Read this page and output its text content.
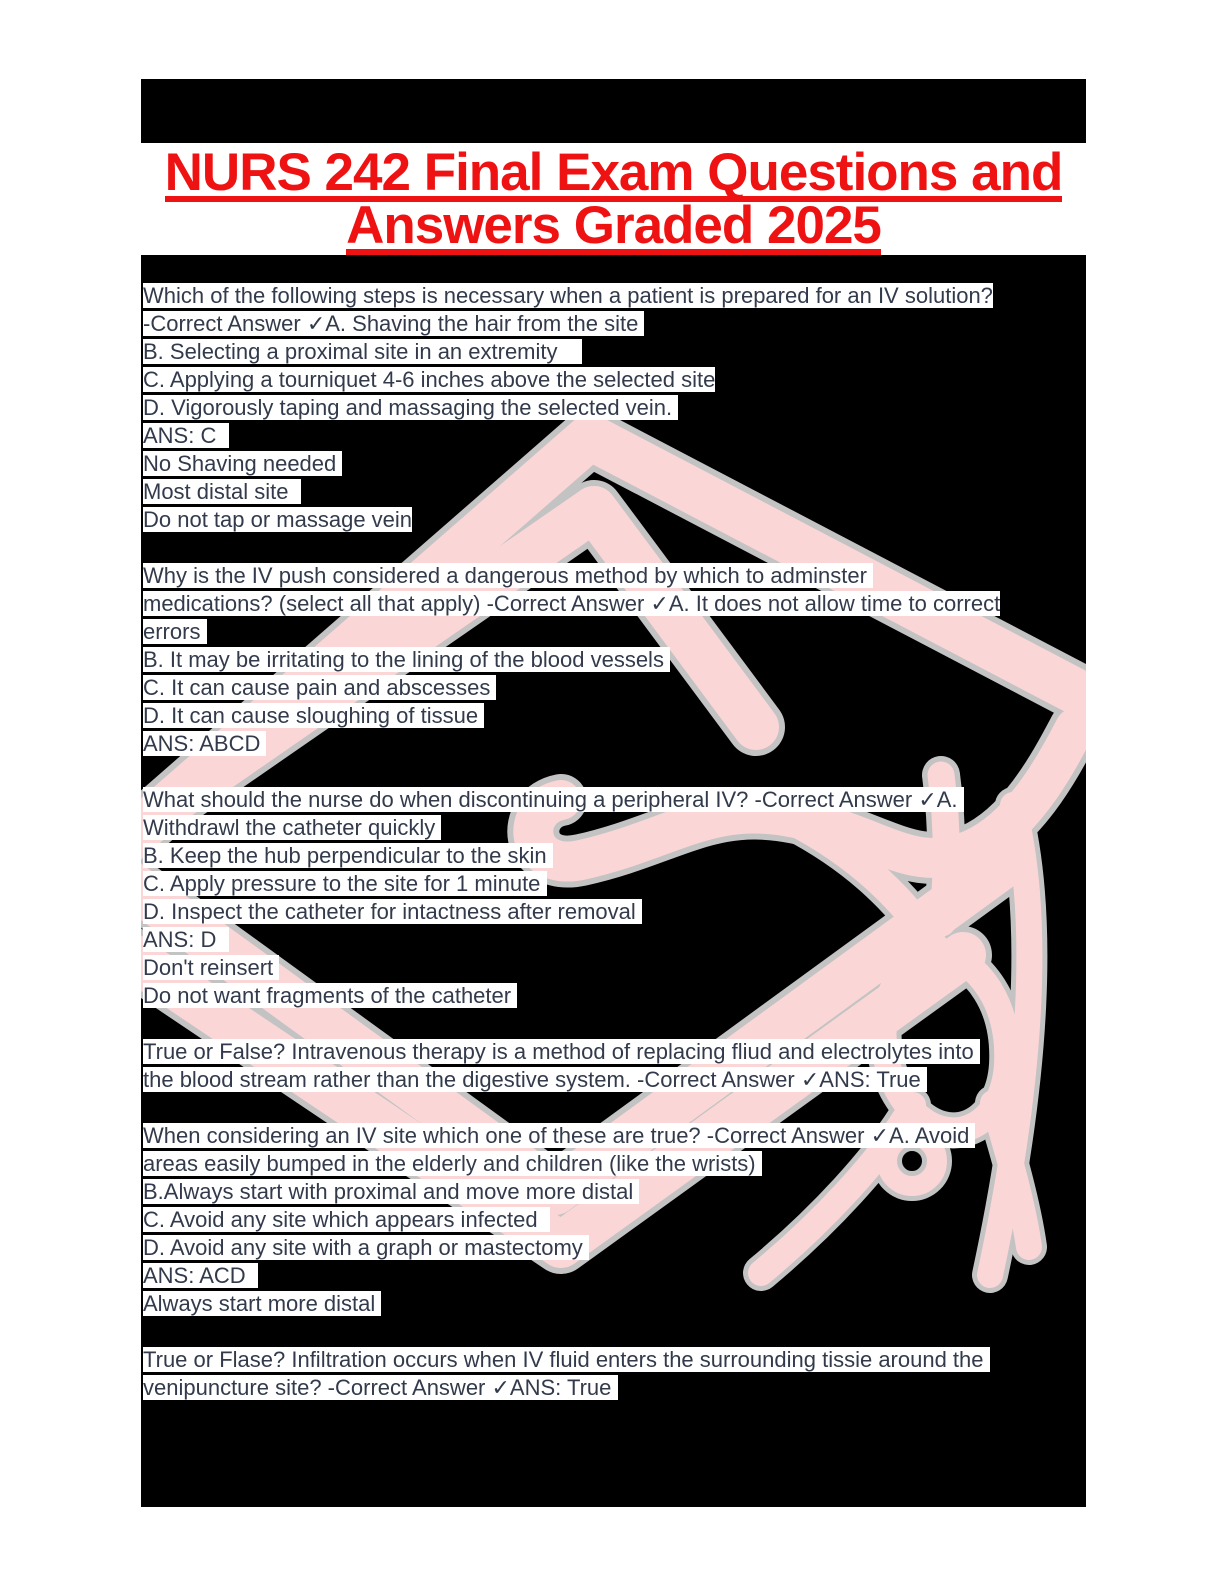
NURS 242 Final Exam Questions and
Answers Graded 2025
Which of the following steps is necessary when a patient is prepared for an IV solution?
-Correct Answer ✓A. Shaving the hair from the site
B. Selecting a proximal site in an extremity
C. Applying a tourniquet 4-6 inches above the selected site
D. Vigorously taping and massaging the selected vein.
ANS: C
No Shaving needed
Most distal site
Do not tap or massage vein
Why is the IV push considered a dangerous method by which to adminster
medications? (select all that apply) -Correct Answer ✓A. It does not allow time to correct
errors
B. It may be irritating to the lining of the blood vessels
C. It can cause pain and abscesses
D. It can cause sloughing of tissue
ANS: ABCD
What should the nurse do when discontinuing a peripheral IV? -Correct Answer ✓A.
Withdrawl the catheter quickly
B. Keep the hub perpendicular to the skin
C. Apply pressure to the site for 1 minute
D. Inspect the catheter for intactness after removal
ANS: D
Don't reinsert
Do not want fragments of the catheter
True or False? Intravenous therapy is a method of replacing fliud and electrolytes into
the blood stream rather than the digestive system. -Correct Answer ✓ANS: True
When considering an IV site which one of these are true? -Correct Answer ✓A. Avoid
areas easily bumped in the elderly and children (like the wrists)
B.Always start with proximal and move more distal
C. Avoid any site which appears infected
D. Avoid any site with a graph or mastectomy
ANS: ACD
Always start more distal
True or Flase? Infiltration occurs when IV fluid enters the surrounding tissie around the
venipuncture site? -Correct Answer ✓ANS: True
